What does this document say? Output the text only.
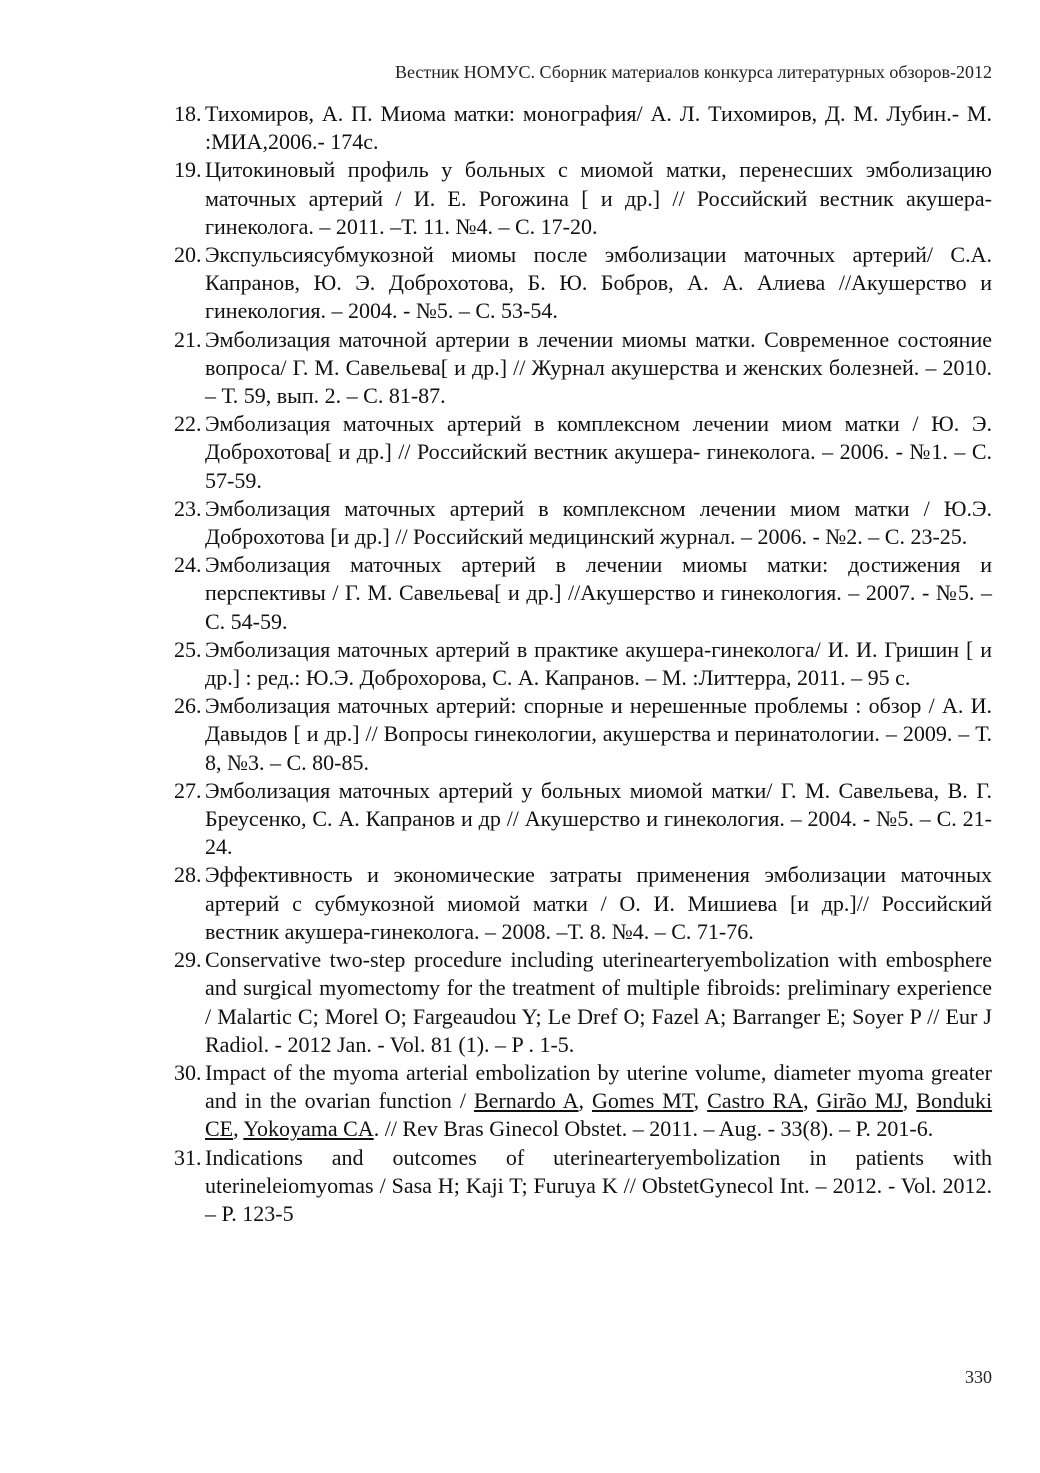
Вестник НОМУС. Сборник материалов конкурса литературных обзоров-2012
18. Тихомиров, А. П. Миома матки: монография/ А. Л. Тихомиров, Д. М. Лубин.- М. :МИА,2006.- 174с.
19. Цитокиновый профиль у больных с миомой матки, перенесших эмболизацию маточных артерий / И. Е. Рогожина [ и др.] // Российский вестник акушера- гинеколога. – 2011. –Т. 11. №4. – С. 17-20.
20. Экспульсиясубмукозной миомы после эмболизации маточных артерий/ С.А. Капранов, Ю. Э. Доброхотова, Б. Ю. Бобров, А. А. Алиева //Акушерство и гинекология. – 2004. - №5. – С. 53-54.
21. Эмболизация маточной артерии в лечении миомы матки. Современное состояние вопроса/ Г. М. Савельева[ и др.] // Журнал акушерства и женских болезней. – 2010. – Т. 59, вып. 2. – С. 81-87.
22. Эмболизация маточных артерий в комплексном лечении миом матки / Ю. Э. Доброхотова[ и др.] // Российский вестник акушера- гинеколога. – 2006. - №1. – С. 57-59.
23. Эмболизация маточных артерий в комплексном лечении миом матки / Ю.Э. Доброхотова [и др.] // Российский медицинский журнал. – 2006. - №2. – С. 23-25.
24. Эмболизация маточных артерий в лечении миомы матки: достижения и перспективы / Г. М. Савельева[ и др.] //Акушерство и гинекология. – 2007. - №5. – С. 54-59.
25. Эмболизация маточных артерий в практике акушера-гинеколога/ И. И. Гришин [ и др.] : ред.: Ю.Э. Доброхорова, С. А. Капранов. – М. :Литтерра, 2011. – 95 с.
26. Эмболизация маточных артерий: спорные и нерешенные проблемы : обзор / А. И. Давыдов [ и др.] // Вопросы гинекологии, акушерства и перинатологии. – 2009. – Т. 8, №3. – С. 80-85.
27. Эмболизация маточных артерий у больных миомой матки/ Г. М. Савельева, В. Г. Бреусенко, С. А. Капранов и др // Акушерство и гинекология. – 2004. - №5. – С. 21-24.
28. Эффективность и экономические затраты применения эмболизации маточных артерий с субмукозной миомой матки / О. И. Мишиева [и др.]// Российский вестник акушера-гинеколога. – 2008. –Т. 8. №4. – С. 71-76.
29. Conservative two-step procedure including uterinearteryembolization with embosphere and surgical myomectomy for the treatment of multiple fibroids: preliminary experience / Malartic C; Morel O; Fargeaudou Y; Le Dref O; Fazel A; Barranger E; Soyer P // Eur J Radiol. - 2012 Jan. - Vol. 81 (1). – P . 1-5.
30. Impact of the myoma arterial embolization by uterine volume, diameter myoma greater and in the ovarian function / Bernardo A, Gomes MT, Castro RA, Girão MJ, Bonduki CE, Yokoyama CA. // Rev Bras Ginecol Obstet. – 2011. – Aug. - 33(8). – P. 201-6.
31. Indications and outcomes of uterinearteryembolization in patients with uterineleiomyomas / Sasa H; Kaji T; Furuya K // ObstetGynecol Int. – 2012. - Vol. 2012. – P. 123-5
330
